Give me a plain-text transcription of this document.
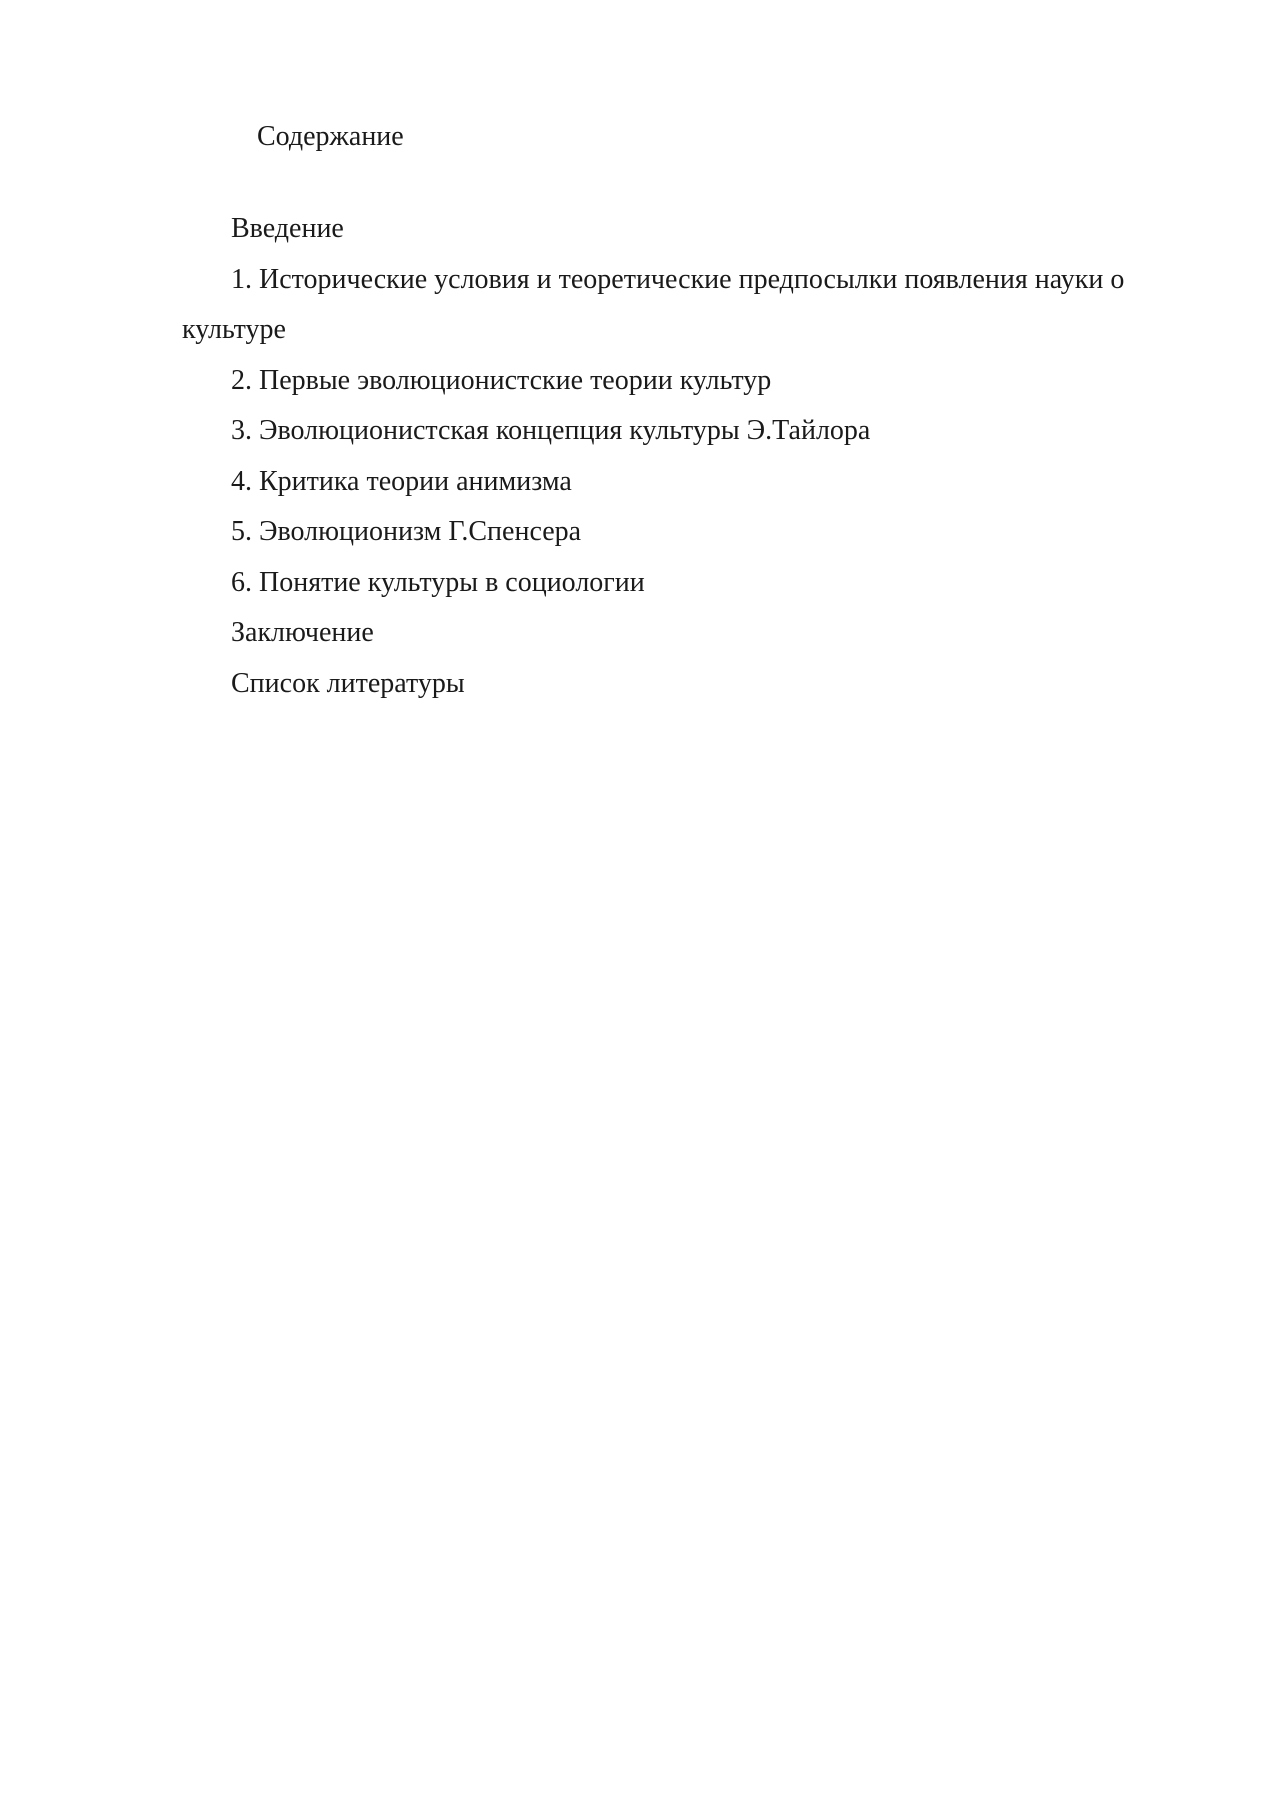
Содержание
Введение
1. Исторические условия и теоретические предпосылки появления науки о культуре
2. Первые эволюционистские теории культур
3. Эволюционистская концепция культуры Э.Тайлора
4. Критика теории анимизма
5. Эволюционизм Г.Спенсера
6. Понятие культуры в социологии
Заключение
Список литературы
